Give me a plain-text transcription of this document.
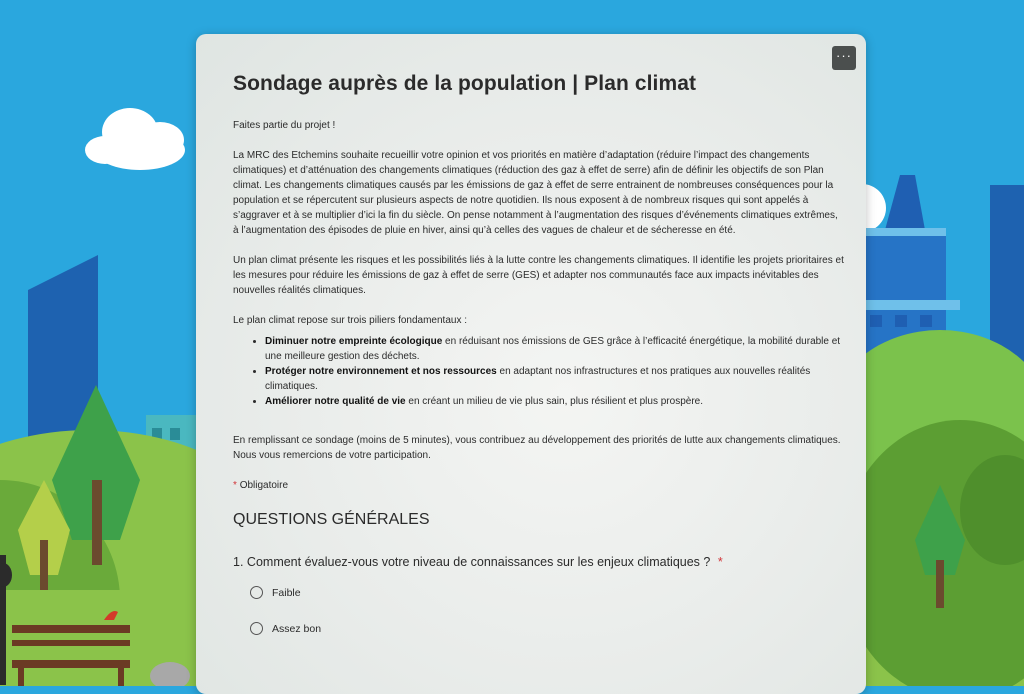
···
Sondage auprès de la population | Plan climat

Faites partie du projet !

La MRC des Etchemins souhaite recueillir votre opinion et vos priorités en matière d’adaptation (réduire l’impact des changements climatiques) et d’atténuation des changements climatiques (réduction des gaz à effet de serre) afin de définir les objectifs de son Plan climat. Les changements climatiques causés par les émissions de gaz à effet de serre entrainent de nombreuses conséquences pour la population et se répercutent sur plusieurs aspects de notre quotidien. Ils nous exposent à de nombreux risques qui sont appelés à s’aggraver et à se multiplier d’ici la fin du siècle. On pense notamment à l’augmentation des risques d’événements climatiques extrêmes, à l’augmentation des épisodes de pluie en hiver, ainsi qu’à celles des vagues de chaleur et de sécheresse en été.

Un plan climat présente les risques et les possibilités liés à la lutte contre les changements climatiques. Il identifie les projets prioritaires et les mesures pour réduire les émissions de gaz à effet de serre (GES) et adapter nos communautés face aux impacts inévitables des nouvelles réalités climatiques.

Le plan climat repose sur trois piliers fondamentaux :

• Diminuer notre empreinte écologique en réduisant nos émissions de GES grâce à l’efficacité énergétique, la mobilité durable et une meilleure gestion des déchets.
• Protéger notre environnement et nos ressources en adaptant nos infrastructures et nos pratiques aux nouvelles réalités climatiques.
• Améliorer notre qualité de vie en créant un milieu de vie plus sain, plus résilient et plus prospère.

En remplissant ce sondage (moins de 5 minutes), vous contribuez au développement des priorités de lutte aux changements climatiques. Nous vous remercions de votre participation.

* Obligatoire

QUESTIONS GÉNÉRALES

1. Comment évaluez-vous votre niveau de connaissances sur les enjeux climatiques ? *
Faible
Assez bon
